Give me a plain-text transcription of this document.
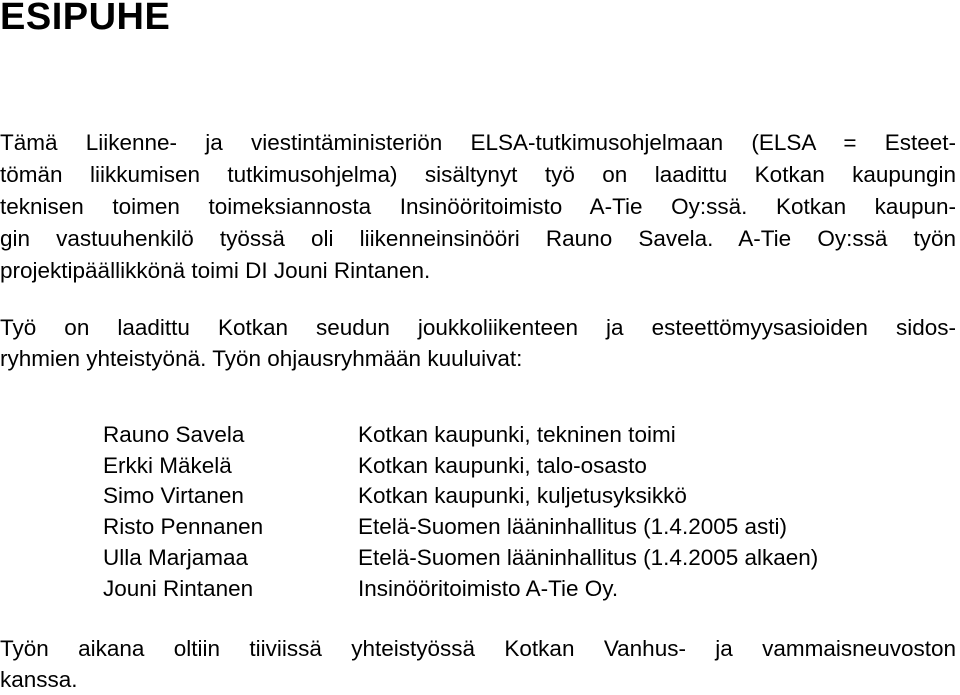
ESIPUHE
Tämä Liikenne- ja viestintäministeriön ELSA-tutkimusohjelmaan (ELSA = Esteet-
tömän liikkumisen tutkimusohjelma) sisältynyt työ on laadittu Kotkan kaupungin
teknisen toimen toimeksiannosta Insinööritoimisto A-Tie Oy:ssä. Kotkan kaupun-
gin vastuuhenkilö työssä oli liikenneinsinööri Rauno Savela. A-Tie Oy:ssä työn
projektipäällikkönä toimi DI Jouni Rintanen.
Työ on laadittu Kotkan seudun joukkoliikenteen ja esteettömyysasioiden sidos-
ryhmien yhteistyönä. Työn ohjausryhmään kuuluivat:
Rauno Savela	Kotkan kaupunki, tekninen toimi
Erkki Mäkelä	Kotkan kaupunki, talo-osasto
Simo Virtanen	Kotkan kaupunki, kuljetusyksikkö
Risto Pennanen	Etelä-Suomen lääninhallitus (1.4.2005 asti)
Ulla Marjamaa	Etelä-Suomen lääninhallitus (1.4.2005 alkaen)
Jouni Rintanen	Insinööritoimisto A-Tie Oy.
Työn aikana oltiin tiiviissä yhteistyössä Kotkan Vanhus- ja vammaisneuvoston
kanssa.
